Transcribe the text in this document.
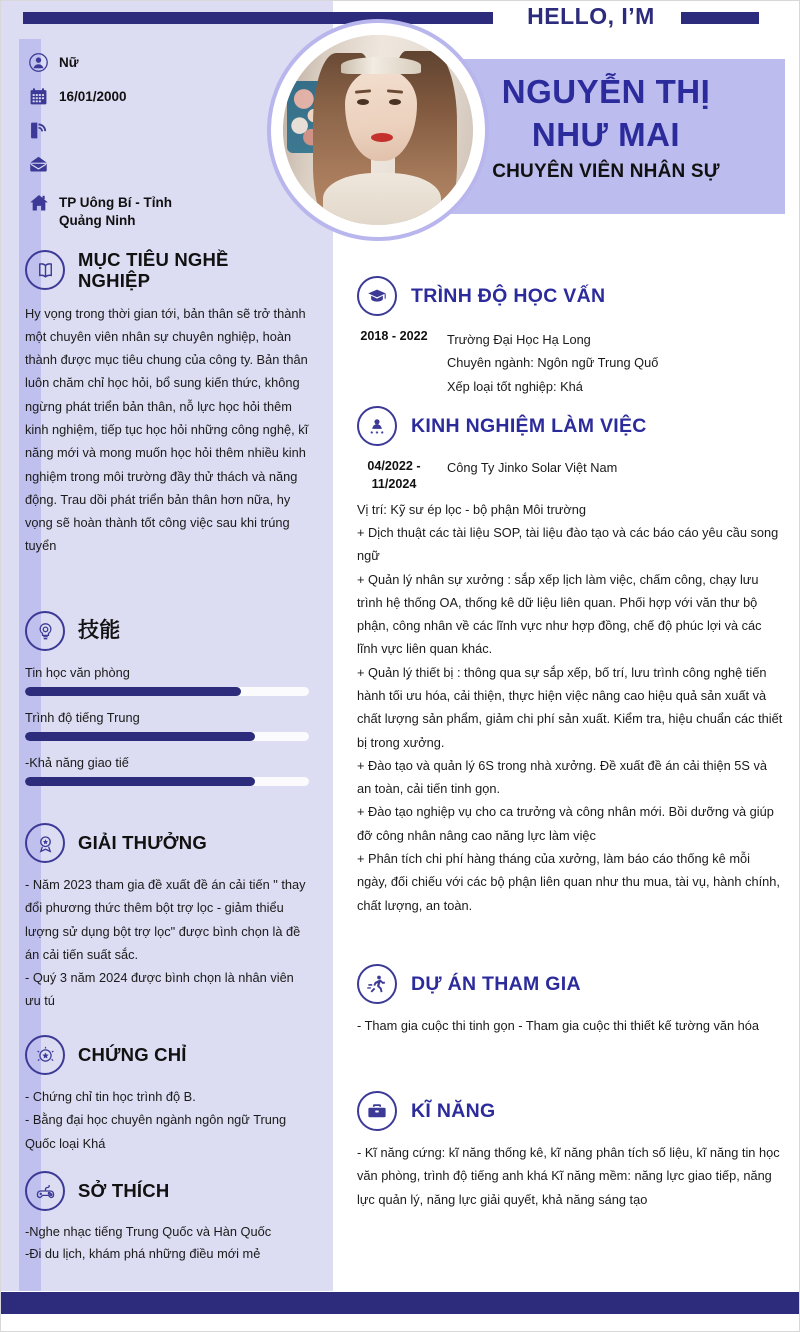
HELLO, I’M
NGUYỄN THỊ
NHƯ MAI
CHUYÊN VIÊN NHÂN SỰ
Nữ
16/01/2000
TP Uông Bí - Tỉnh Quảng Ninh
MỤC TIÊU NGHỀ NGHIỆP
Hy vọng trong thời gian tới, bản thân sẽ trở thành một chuyên viên nhân sự chuyên nghiệp, hoàn thành được mục tiêu chung của công ty. Bản thân luôn chăm chỉ học hỏi, bổ sung kiến thức, không ngừng phát triển bản thân, nỗ lực học hỏi thêm kinh nghiệm, tiếp tục học hỏi những công nghệ, kĩ năng mới và mong muốn học hỏi thêm nhiều kinh nghiệm trong môi trường đầy thử thách và năng động. Trau dồi phát triển bản thân hơn nữa, hy vọng sẽ hoàn thành tốt công việc sau khi trúng tuyển
技能
Tin học văn phòng
Trình độ tiếng Trung
-Khả năng giao tiế
GIẢI THƯỞNG

- Năm 2023 tham gia đề xuất đề án cải tiến " thay đổi phương thức thêm bột trợ lọc - giảm thiểu lượng sử dụng bột trợ lọc" được bình chọn là đề án cải tiến suất sắc.

- Quý 3 năm 2024 được bình chọn là nhân viên ưu tú

CHỨNG CHỈ

- Chứng chỉ tin học trình độ B.

- Bằng đại học chuyên ngành ngôn ngữ Trung Quốc loại Khá

SỞ THÍCH

-Nghe nhạc tiếng Trung Quốc và Hàn Quốc

-Đi du lịch, khám phá những điều mới mẻ

TRÌNH ĐỘ HỌC VẤN
2018 - 2022 Trường Đại Học Hạ Long

Chuyên ngành: Ngôn ngữ Trung Quố

Xếp loại tốt nghiệp: Khá

KINH NGHIỆM LÀM VIỆC
04/2022 - 11/2024
Công Ty Jinko Solar Việt Nam

Vị trí: Kỹ sư ép lọc - bộ phận Môi trường

+ Dịch thuật các tài liệu SOP, tài liệu đào tạo và các báo cáo yêu cầu song ngữ

+ Quản lý nhân sự xưởng : sắp xếp lịch làm việc, chấm công, chạy lưu trình hệ thống OA, thống kê dữ liệu liên quan. Phối hợp với văn thư bộ phận, công nhân về các lĩnh vực như hợp đồng, chế độ phúc lợi và các lĩnh vực liên quan khác.

+ Quản lý thiết bị : thông qua sự sắp xếp, bố trí, lưu trình công nghệ tiến hành tối ưu hóa, cải thiện, thực hiện việc nâng cao hiệu quả sản xuất và chất lượng sản phẩm, giảm chi phí sản xuất. Kiểm tra, hiệu chuẩn các thiết bị trong xưởng.

+ Đào tạo và quản lý 6S trong nhà xưởng. Đề xuất đề án cải thiện 5S và an toàn, cải tiến tinh gọn.

+ Đào tạo nghiệp vụ cho ca trưởng và công nhân mới. Bồi dưỡng và giúp đỡ công nhân nâng cao năng lực làm việc

+ Phân tích chi phí hàng tháng của xưởng, làm báo cáo thống kê mỗi ngày, đối chiếu với các bộ phận liên quan như thu mua, tài vụ, hành chính, chất lượng, an toàn.

DỰ ÁN THAM GIA
- Tham gia cuộc thi tinh gọn - Tham gia cuộc thi thiết kế tường văn hóa
KĨ NĂNG
- Kĩ năng cứng: kĩ năng thống kê, kĩ năng phân tích số liệu, kĩ năng tin học văn phòng, trình độ tiếng anh khá Kĩ năng mềm: năng lực giao tiếp, năng lực quản lý, năng lực giải quyết, khả năng sáng tạo
